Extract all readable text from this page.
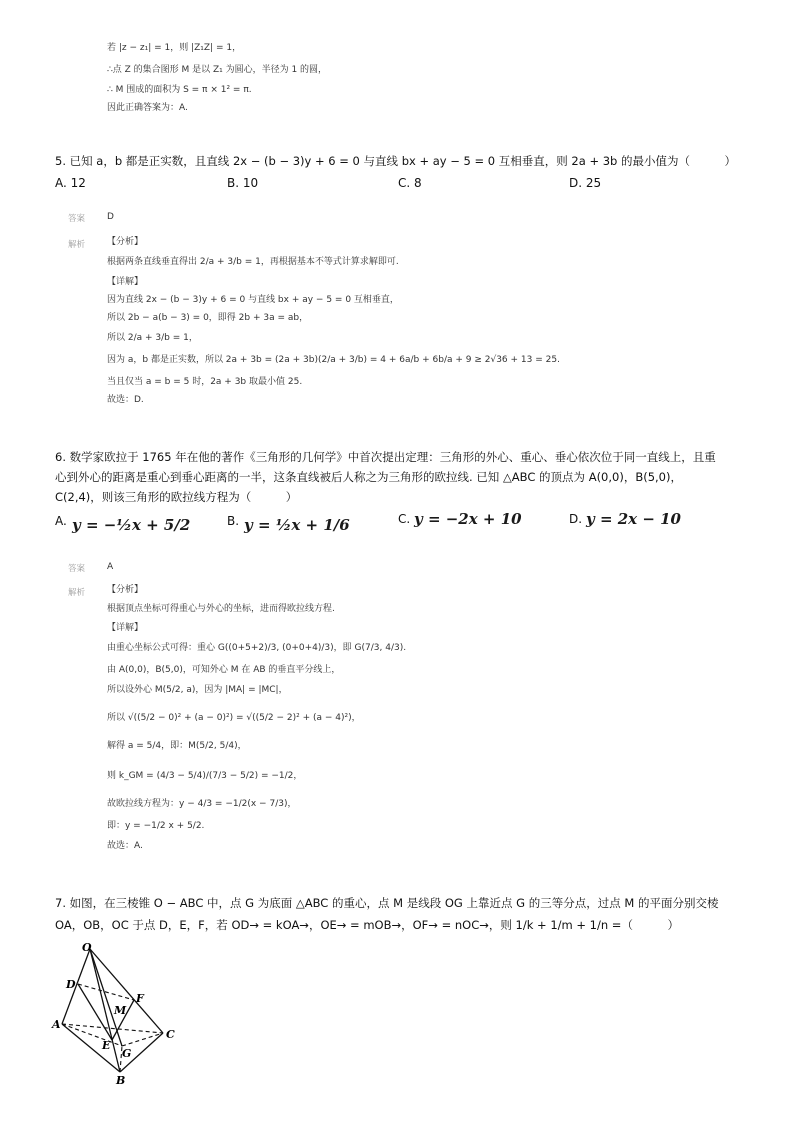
若 |z − z₁| = 1，则 |Z₁Z| = 1，
∴点 Z 的集合图形 M 是以 Z₁ 为圆心，半径为 1 的圆，
∴ M 围成的面积为 S = π × 1² = π.
因此正确答案为：A.
5. 已知 a，b 都是正实数，且直线 2x − (b − 3)y + 6 = 0 与直线 bx + ay − 5 = 0 互相垂直，则 2a + 3b 的最小值为（　　　）
A. 12	B. 10	C. 8	D. 25
答案 D
解析 【分析】
根据两条直线垂直得出 2/a + 3/b = 1，再根据基本不等式计算求解即可.
【详解】
因为直线 2x − (b − 3)y + 6 = 0 与直线 bx + ay − 5 = 0 互相垂直，
所以 2b − a(b − 3) = 0，即得 2b + 3a = ab，
所以 2/a + 3/b = 1，
因为 a，b 都是正实数，所以 2a + 3b = (2a + 3b)(2/a + 3/b) = 4 + 6a/b + 6b/a + 9 ≥ 2√36 + 13 = 25.
当且仅当 a = b = 5 时，2a + 3b 取最小值 25.
故选：D.
6. 数学家欧拉于 1765 年在他的著作《三角形的几何学》中首次提出定理：三角形的外心、重心、垂心依次位于同一直线上，且重
心到外心的距离是重心到垂心距离的一半，这条直线被后人称之为三角形的欧拉线. 已知 △ABC 的顶点为 A(0,0)，B(5,0)，
C(2,4)，则该三角形的欧拉线方程为（　　　）
A. y = −½x + 5/2	B. y = ½x + 1/6	C. y = −2x + 10	D. y = 2x − 10
答案 A
解析 【分析】
根据顶点坐标可得重心与外心的坐标，进而得欧拉线方程.
【详解】
由重心坐标公式可得：重心 G((0+5+2)/3, (0+0+4)/3)，即 G(7/3, 4/3).
由 A(0,0)，B(5,0)，可知外心 M 在 AB 的垂直平分线上，
所以设外心 M(5/2, a)，因为 |MA| = |MC|，
所以 √((5/2 − 0)² + (a − 0)²) = √((5/2 − 2)² + (a − 4)²)，
解得 a = 5/4，即：M(5/2, 5/4)，
则 k_GM = (4/3 − 5/4)/(7/3 − 5/2) = −1/2，
故欧拉线方程为：y − 4/3 = −1/2(x − 7/3)，
即：y = −1/2 x + 5/2.
故选：A.
7. 如图，在三棱锥 O − ABC 中，点 G 为底面 △ABC 的重心，点 M 是线段 OG 上靠近点 G 的三等分点，过点 M 的平面分别交棱
OA，OB，OC 于点 D，E，F，若 OD→ = kOA→，OE→ = mOB→，OF→ = nOC→，则 1/k + 1/m + 1/n =（　　　）
O
D
F
M
A
C
E
G
B
